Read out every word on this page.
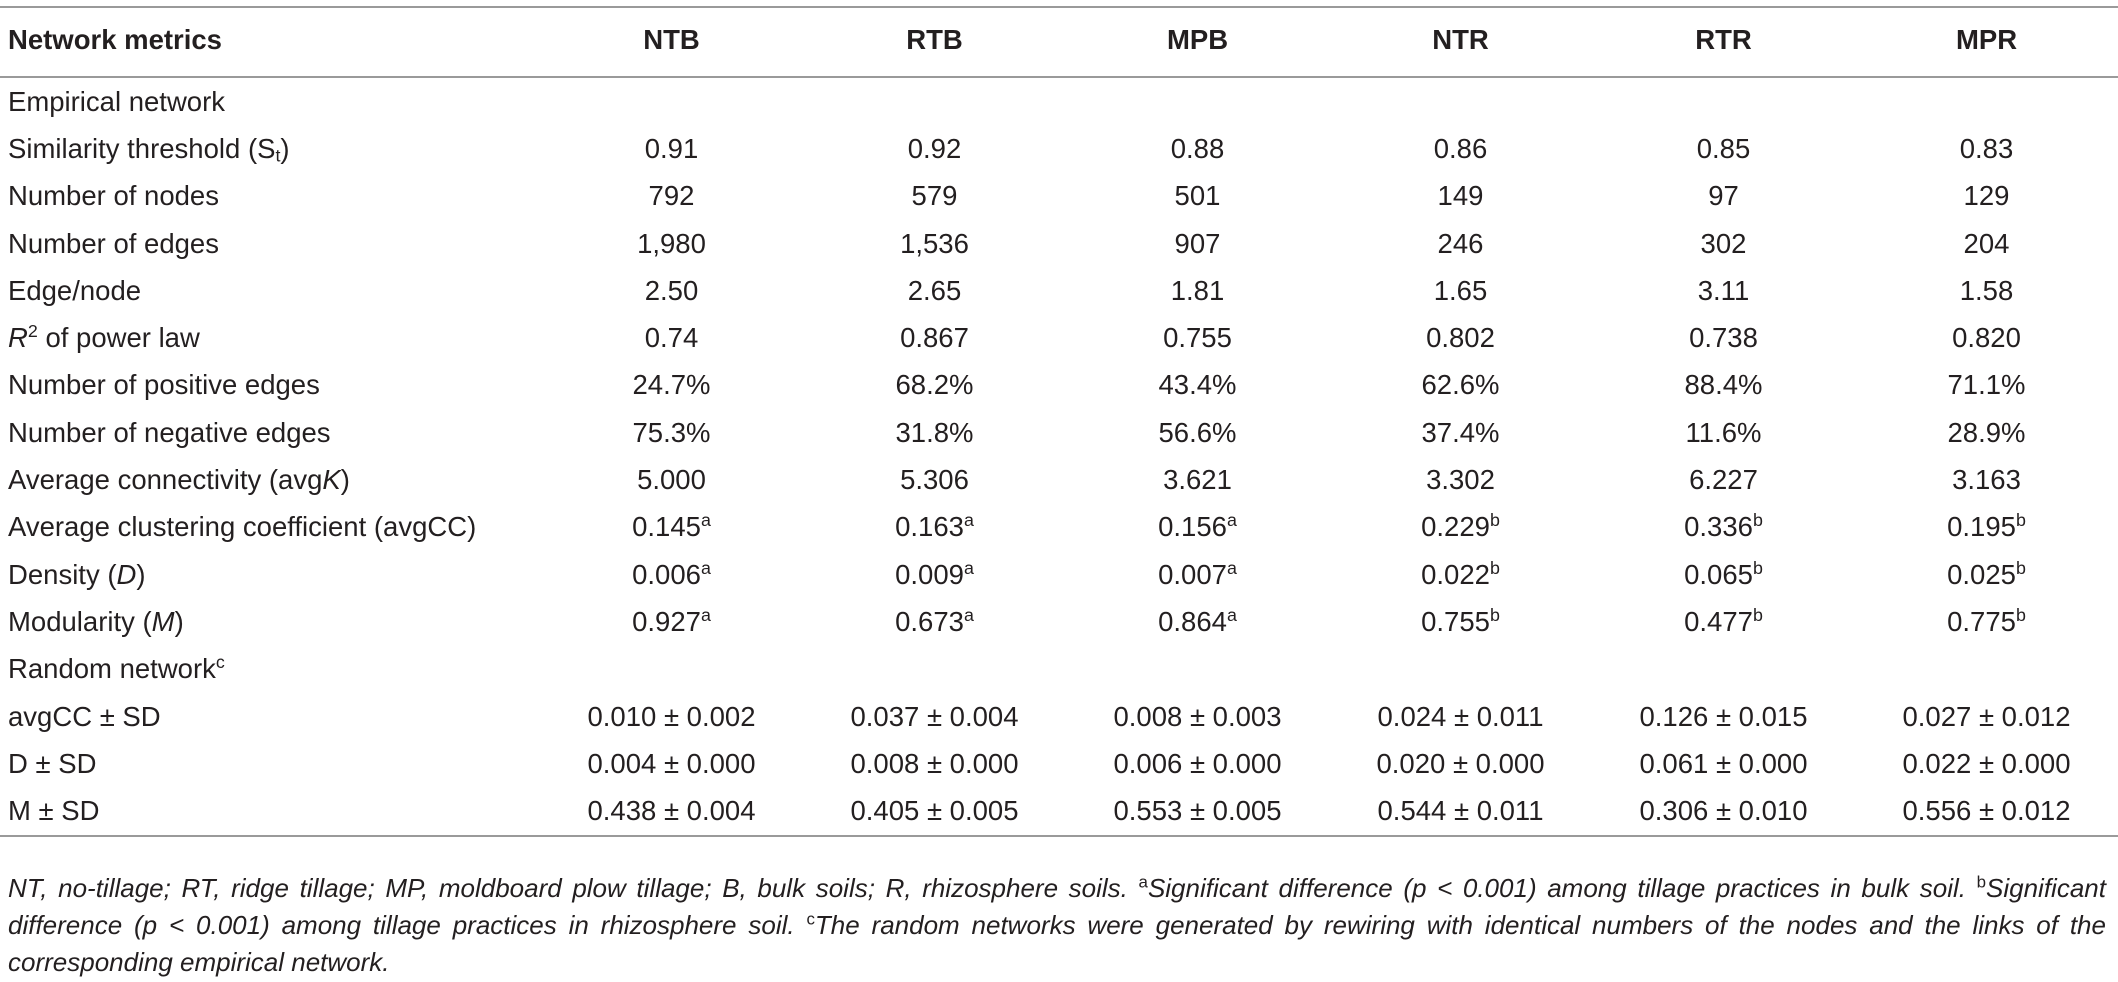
Network metrics	NTB	RTB	MPB	NTR	RTR	MPR
Empirical network						
Similarity threshold $(S_t)$	0.91	0.92	0.88	0.86	0.85	0.83
Number of nodes	792	579	501	149	97	129
Number of edges	1,980	1,536	907	246	302	204
Edge/node	2.50	2.65	1.81	1.65	3.11	1.58
$R^2$ of power law	0.74	0.867	0.755	0.802	0.738	0.820
Number of positive edges	24.7%	68.2%	43.4%	62.6%	88.4%	71.1%
Number of negative edges	75.3%	31.8%	56.6%	37.4%	11.6%	28.9%
Average connectivity (avgK)	5.000	5.306	3.621	3.302	6.227	3.163
Average clustering coefficient (avgCC)	0.145$^a$	0.163$^a$	0.156$^a$	0.229$^b$	0.336$^b$	0.195$^b$
Density (D)	0.006$^a$	0.009$^a$	0.007$^a$	0.022$^b$	0.065$^b$	0.025$^b$
Modularity (M)	0.927$^a$	0.673$^a$	0.864$^a$	0.755$^b$	0.477$^b$	0.775$^b$
Random network$^c$
avgCC ± SD	0.010 ± 0.002	0.037 ± 0.004	0.008 ± 0.003	0.024 ± 0.011	0.126 ± 0.015	0.027 ± 0.012
D ± SD	0.004 ± 0.000	0.008 ± 0.000	0.006 ± 0.000	0.020 ± 0.000	0.061 ± 0.000	0.022 ± 0.000
M ± SD	0.438 ± 0.004	0.405 ± 0.005	0.553 ± 0.005	0.544 ± 0.011	0.306 ± 0.010	0.556 ± 0.012
NT, no-tillage; RT, ridge tillage; MP, moldboard plow tillage; B, bulk soils; R, rhizosphere soils. $^a$Significant difference (p < 0.001) among tillage practices in bulk soil. $^b$Significant difference (p < 0.001) among tillage practices in rhizosphere soil. $^c$The random networks were generated by rewiring with identical numbers of the nodes and the links of the corresponding empirical network.
